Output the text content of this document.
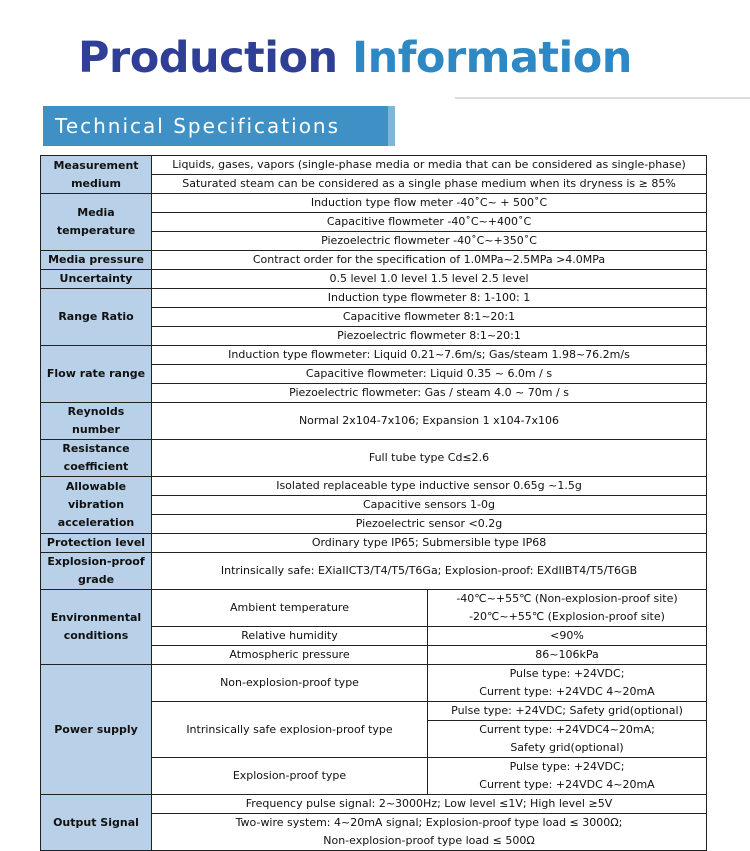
Production Information
Technical Specifications
Measurement
medium	Liquids, gases, vapors (single-phase media or media that can be considered as single-phase)	
	Saturated steam can be considered as a single phase medium when its dryness is ≥ 85%	

Media
temperature	Induction type flow meter -40˚C~ + 500˚C	
	Capacitive flowmeter -40˚C~+400˚C	
	Piezoelectric flowmeter -40˚C~+350˚C	
Media pressure	Contract order for the specification of 1.0MPa~2.5MPa >4.0MPa	
Uncertainty	0.5 level 1.0 level 1.5 level 2.5 level	
Range Ratio	Induction type flowmeter 8: 1-100: 1	
	Capacitive flowmeter 8:1~20:1	
	Piezoelectric flowmeter 8:1~20:1	
Flow rate range	Induction type flowmeter: Liquid 0.21~7.6m/s; Gas/steam 1.98~76.2m/s	
	Capacitive flowmeter: Liquid 0.35 ~ 6.0m / s	
	Piezoelectric flowmeter: Gas / steam 4.0 ~ 70m / s	
Reynolds number	Normal 2x104-7x106; Expansion 1 x104-7x106	

Resistance
coefficient	Full tube type Cd≤2.6	

Allowable
vibration
acceleration	Isolated replaceable type inductive sensor 0.65g ~1.5g	
	Capacitive sensors 1-0g	
	Piezoelectric sensor <0.2g	
Protection level	Ordinary type IP65; Submersible type IP68	

Explosion-proof
grade	Intrinsically safe: EXiaIICT3/T4/T5/T6Ga; Explosion-proof: EXdIIBT4/T5/T6GB	

Environmental
conditions	Ambient temperature	-40℃~+55℃ (Non-explosion-proof site)
-20℃~+55℃ (Explosion-proof site)

	Relative humidity	<90%
	Atmospheric pressure	86~106kPa
Power supply	Non-explosion-proof type	Pulse type: +24VDC;
Current type: +24VDC 4~20mA

	Intrinsically safe explosion-proof type	Pulse type: +24VDC; Safety grid(optional)
Current type: +24VDC4~20mA;
Safety grid(optional)

	Explosion-proof type	Pulse type: +24VDC;
Current type: +24VDC 4~20mA

Output Signal	Frequency pulse signal: 2~3000Hz; Low level ≤1V; High level ≥5V	

	Two-wire system: 4~20mA signal; Explosion-proof type load ≤ 3000Ω;
Non-explosion-proof type load ≤ 500Ω	
